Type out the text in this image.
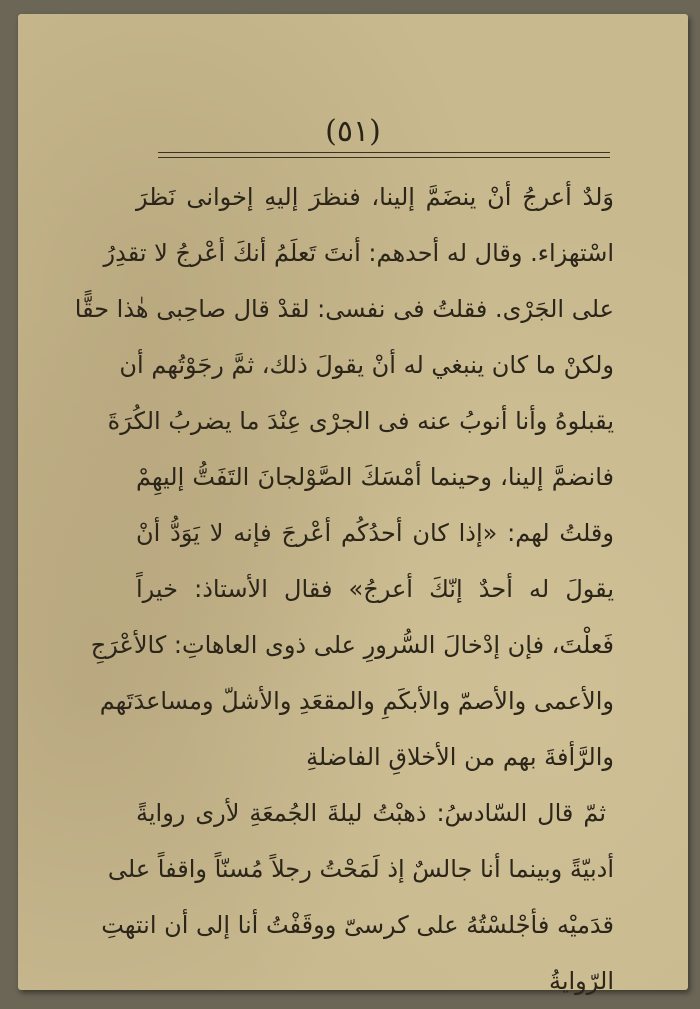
(٥١)
وَلدٌ أعرجُ أنْ ينضَمَّ إلينا، فنظرَ إليهِ إخوانى نَظرَ
اسْتهزاء. وقال له أحدهم: أنتَ تَعلَمُ أنكَ أعْرجُ لا تقدِرُ
على الجَرْى. فقلتُ فى نفسى: لقدْ قال صاحِبى هٰذا حقًّا
ولكنْ ما كان ينبغي له أنْ يقولَ ذلك، ثمَّ رجَوْتُهم أن
يقبلوهُ وأنا أنوبُ عنه فى الجرْى عِنْدَ ما يضربُ الكُرَةَ
فانضمَّ إلينا، وحينما أمْسَكَ الصَّوْلجانَ التَفَتُّ إليهِمْ
وقلتُ لهم: «إذا كان أحدُكُم أعْرجَ فإنه لا يَوَدُّ أنْ
يقولَ له أحدٌ إنّكَ أعرجُ» فقال الأستاذ: خيراً
فَعلْتَ، فإن إدْخالَ السُّرورِ على ذوى العاهاتِ: كالأعْرَجِ
والأعمى والأصمّ والأبكَمِ والمقعَدِ والأشلّ ومساعدَتَهم
والرَّأفةَ بهم من الأخلاقِ الفاضلةِ
ثمّ قال السّادسُ: ذهبْتُ ليلةَ الجُمعَةِ لأرى روايةً
أدبيّةً وبينما أنا جالسٌ إذ لَمَحْتُ رجلاً مُسنّاً واقفاً على
قدَميْه فأجْلسْتُهُ على كرسىّ ووقَفْتُ أنا إلى أن انتهتِ
الرّوايةُ
